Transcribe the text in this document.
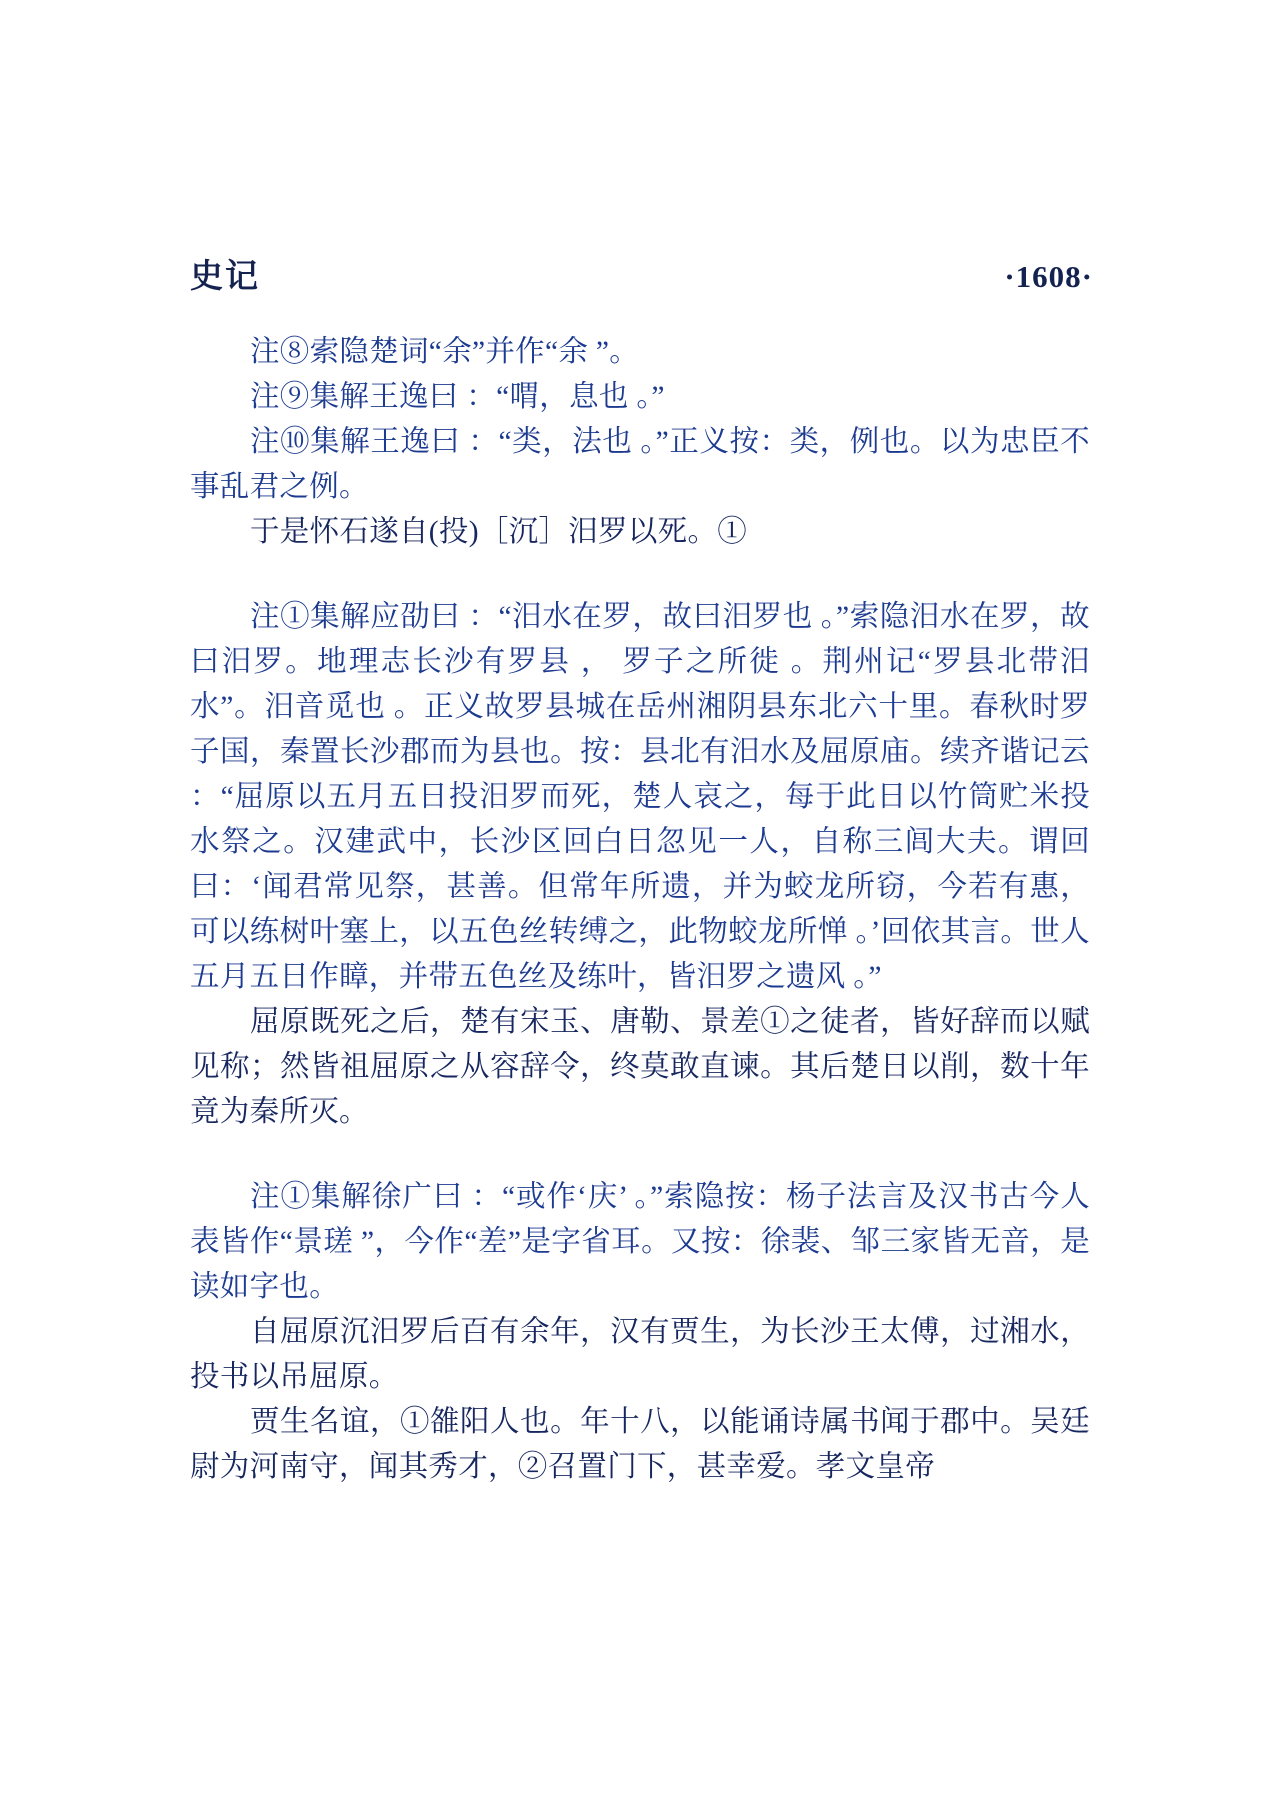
史记	·1608·

注⑧索隐楚词“余”并作“余 ”。

注⑨集解王逸曰 ：“喟，息也 。”

注⑩集解王逸曰 ：“类，法也 。”正义按：类，例也。以为忠臣不事乱君之例。

于是怀石遂自(投)［沉］汨罗以死。①

注①集解应劭曰 ：“汨水在罗，故曰汨罗也 。”索隐汨水在罗，故曰汨罗。地理志长沙有罗县 ， 罗子之所徙 。荆州记“罗县北带汨水”。汨音觅也 。正义故罗县城在岳州湘阴县东北六十里。春秋时罗子国，秦置长沙郡而为县也。按：县北有汨水及屈原庙。续齐谐记云 ：“屈原以五月五日投汨罗而死，楚人哀之，每于此日以竹筒贮米投水祭之。汉建武中，长沙区回白日忽见一人，自称三闾大夫。谓回曰：‘闻君常见祭，甚善。但常年所遗，并为蛟龙所窃，今若有惠，可以练树叶塞上，以五色丝转缚之，此物蛟龙所惮 。’回依其言。世人五月五日作瞕，并带五色丝及练叶，皆汨罗之遗风 。”

屈原既死之后，楚有宋玉、唐勒、景差①之徒者，皆好辞而以赋见称；然皆祖屈原之从容辞令，终莫敢直谏。其后楚日以削，数十年竟为秦所灭。

注①集解徐广曰 ：“或作‘庆’ 。”索隐按：杨子法言及汉书古今人表皆作“景瑳 ”，今作“差”是字省耳。又按：徐裴、邹三家皆无音，是读如字也。

自屈原沉汨罗后百有余年，汉有贾生，为长沙王太傅，过湘水，投书以吊屈原。

贾生名谊，①雒阳人也。年十八，以能诵诗属书闻于郡中。吴廷尉为河南守，闻其秀才，②召置门下，甚幸爱。孝文皇帝
